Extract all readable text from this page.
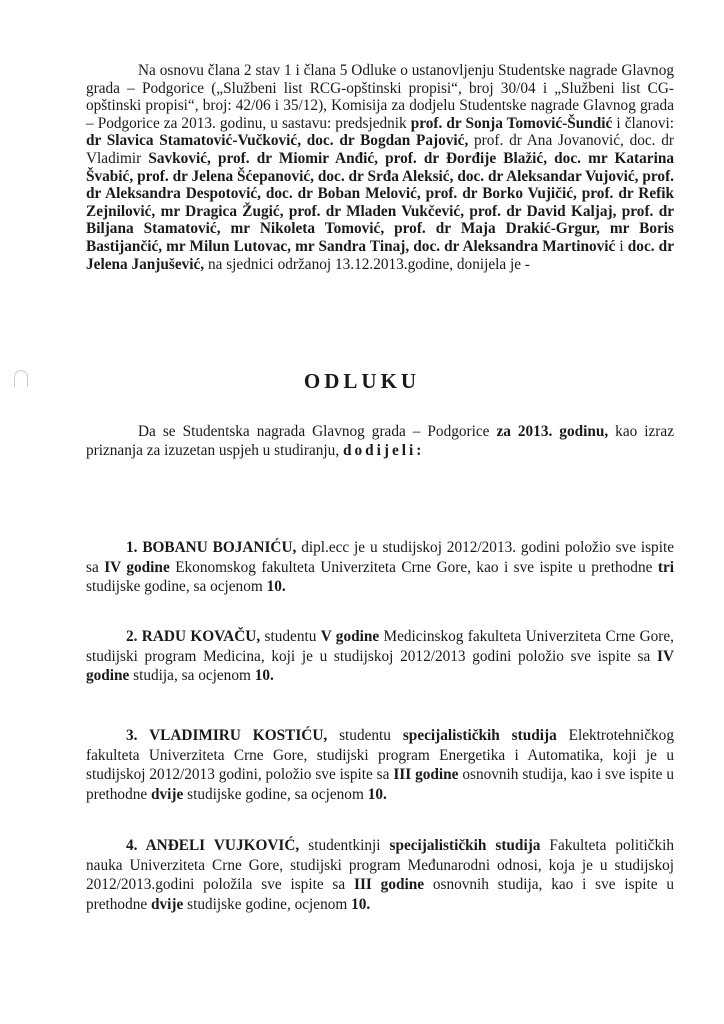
Na osnovu člana 2 stav 1 i člana 5 Odluke o ustanovljenju Studentske nagrade Glavnog grada – Podgorice („Službeni list RCG-opštinski propisi“, broj 30/04 i „Službeni list CG-opštinski propisi“, broj: 42/06 i 35/12), Komisija za dodjelu Studentske nagrade Glavnog grada – Podgorice za 2013. godinu, u sastavu: predsjednik prof. dr Sonja Tomović-Šundić i članovi: dr Slavica Stamatović-Vučković, doc. dr Bogdan Pajović, prof. dr Ana Jovanović, doc. dr Vladimir Savković, prof. dr Miomir Anđić, prof. dr Đorđije Blažić, doc. mr Katarina Švabić, prof. dr Jelena Šćepanović, doc. dr Srđa Aleksić, doc. dr Aleksandar Vujović, prof. dr Aleksandra Despotović, doc. dr Boban Melović, prof. dr Borko Vujičić, prof. dr Refik Zejnilović, mr Dragica Žugić, prof. dr Mladen Vukčević, prof. dr David Kaljaj, prof. dr Biljana Stamatović, mr Nikoleta Tomović, prof. dr Maja Drakić-Grgur, mr Boris Bastijančić, mr Milun Lutovac, mr Sandra Tinaj, doc. dr Aleksandra Martinović i doc. dr Jelena Janjušević, na sjednici održanoj 13.12.2013.godine, donijela je -
ODLUKU
Da se Studentska nagrada Glavnog grada – Podgorice za 2013. godinu, kao izraz priznanja za izuzetan uspjeh u studiranju, dodijeli:
1. BOBANU BOJANIĆU, dipl.ecc je u studijskoj 2012/2013. godini položio sve ispite sa IV godine Ekonomskog fakulteta Univerziteta Crne Gore, kao i sve ispite u prethodne tri studijske godine, sa ocjenom 10.
2. RADU KOVAČU, studentu V godine Medicinskog fakulteta Univerziteta Crne Gore, studijski program Medicina, koji je u studijskoj 2012/2013 godini položio sve ispite sa IV godine studija, sa ocjenom 10.
3. VLADIMIRU KOSTIĆU, studentu specijalističkih studija Elektrotehničkog fakulteta Univerziteta Crne Gore, studijski program Energetika i Automatika, koji je u studijskoj 2012/2013 godini, položio sve ispite sa III godine osnovnih studija, kao i sve ispite u prethodne dvije studijske godine, sa ocjenom 10.
4. ANĐELI VUJKOVIĆ, studentkinji specijalističkih studija Fakulteta političkih nauka Univerziteta Crne Gore, studijski program Međunarodni odnosi, koja je u studijskoj 2012/2013.godini položila sve ispite sa III godine osnovnih studija, kao i sve ispite u prethodne dvije studijske godine, ocjenom 10.
